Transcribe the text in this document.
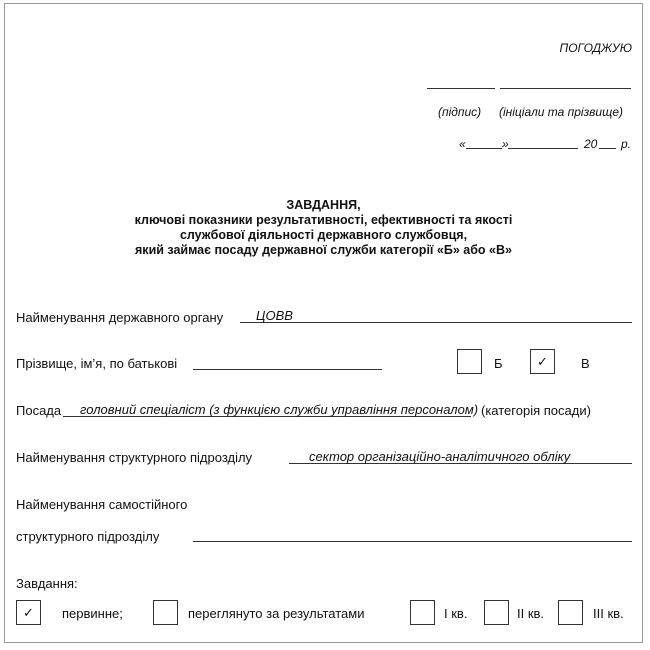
ПОГОДЖУЮ
(підпис) (ініціали та прізвище)
«	»	20 р.
ЗАВДАННЯ,
ключові показники результативності, ефективності та якості
службової діяльності державного службовця,
який займає посаду державної служби категорії «Б» або «В»
Найменування державного органу	ЦОВВ
Прізвище, ім’я, по батькові	Б	✓	В
Посада головний спеціаліст (з функцією служби управління персоналом) (категорія посади)
Найменування структурного підрозділу	сектор організаційно-аналітичного обліку
Найменування самостійного
структурного підрозділу
Завдання:
✓	первинне;	переглянуто за результатами	I кв.	II кв.	III кв.
